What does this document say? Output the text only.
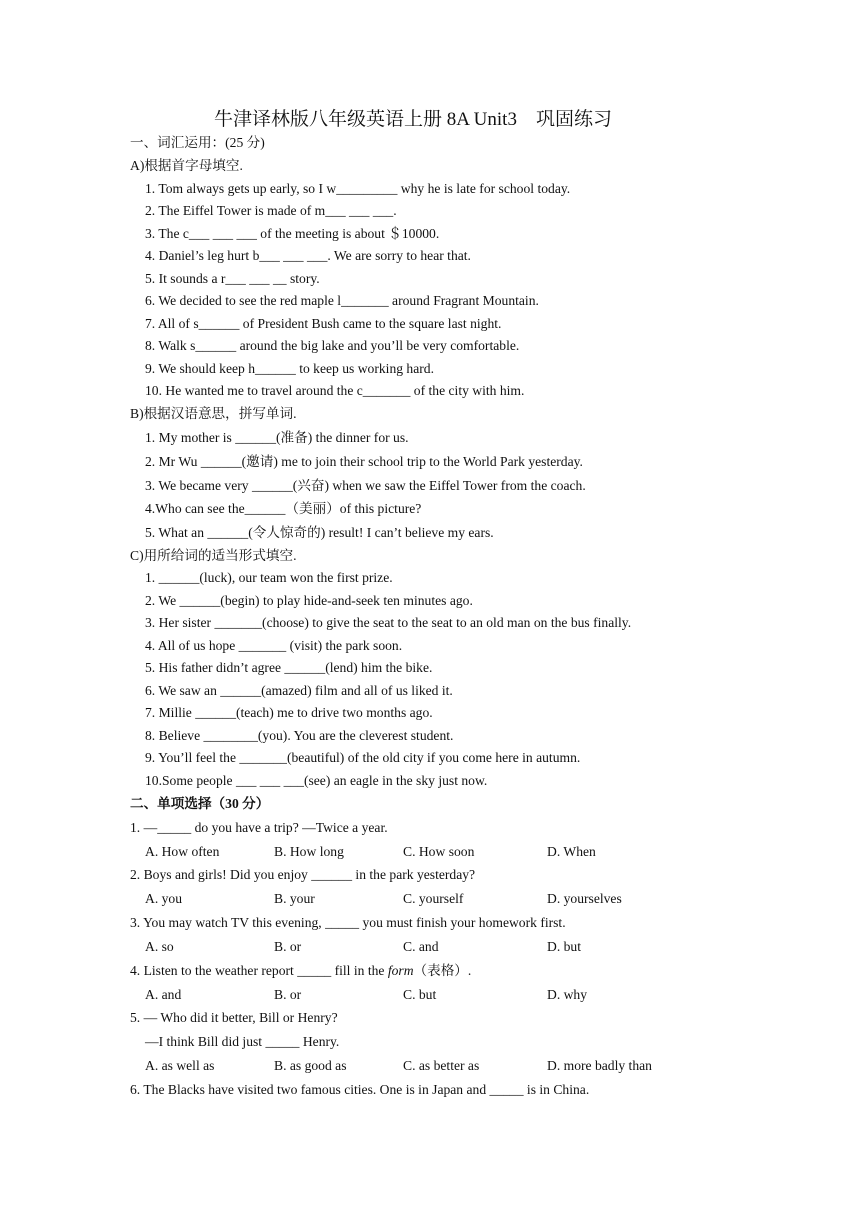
牛津译林版八年级英语上册 8A Unit3　巩固练习
一、词汇运用：(25 分)
A)根据首字母填空.
1. Tom always gets up early, so I w_________ why he is late for school today.
2. The Eiffel Tower is made of m___ ___ ___.
3. The c___ ___ ___ of the meeting is about ＄10000.
4. Daniel’s leg hurt b___ ___ ___. We are sorry to hear that.
5. It sounds a r___ ___ __ story.
6. We decided to see the red maple l_______ around Fragrant Mountain.
7. All of s______ of President Bush came to the square last night.
8. Walk s______ around the big lake and you’ll be very comfortable.
9. We should keep h______ to keep us working hard.
10. He wanted me to travel around the c_______ of the city with him.
B)根据汉语意思，拼写单词.
1. My mother is ______(准备) the dinner for us.
2. Mr Wu ______(邀请) me to join their school trip to the World Park yesterday.
3. We became very ______(兴奋) when we saw the Eiffel Tower from the coach.
4.Who can see the______（美丽）of this picture?
5. What an ______(令人惊奇的) result! I can’t believe my ears.
C)用所给词的适当形式填空.
1. ______(luck), our team won the first prize.
2. We ______(begin) to play hide-and-seek ten minutes ago.
3. Her sister _______(choose) to give the seat to the seat to an old man on the bus finally.
4. All of us hope _______ (visit) the park soon.
5. His father didn’t agree ______(lend) him the bike.
6. We saw an ______(amazed) film and all of us liked it.
7. Millie ______(teach) me to drive two months ago.
8. Believe ________(you). You are the cleverest student.
9. You’ll feel the _______(beautiful) of the old city if you come here in autumn.
10.Some people ___ ___ ___(see) an eagle in the sky just now.
二、单项选择（30 分）
1. —_____ do you have a trip? —Twice a year.
A. How often	B. How long	C. How soon	D. When
2. Boys and girls! Did you enjoy ______ in the park yesterday?
A. you	B. your	C. yourself	D. yourselves
3. You may watch TV this evening, _____ you must finish your homework first.
A. so	B. or	C. and	D. but
4. Listen to the weather report _____ fill in the form（表格）.
A. and	B. or	C. but	D. why
5. — Who did it better, Bill or Henry?
—I think Bill did just _____ Henry.
A. as well as	B. as good as	C. as better as	D. more badly than
6. The Blacks have visited two famous cities. One is in Japan and _____ is in China.
